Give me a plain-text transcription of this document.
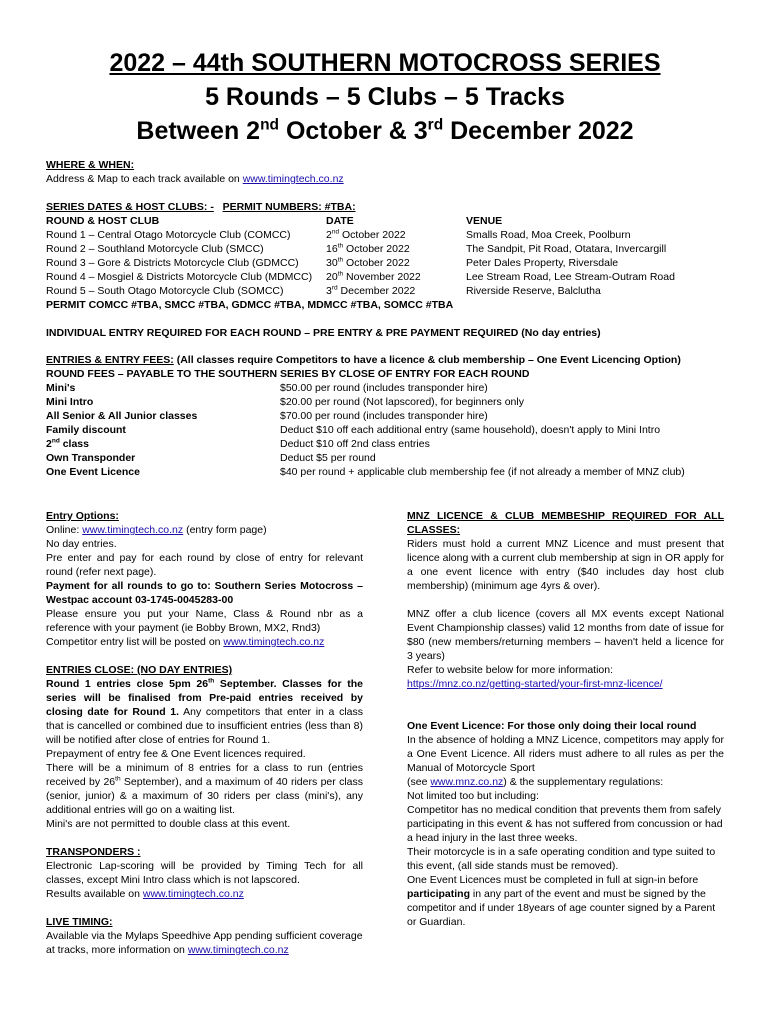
2022 – 44th SOUTHERN MOTOCROSS SERIES
5 Rounds – 5 Clubs – 5 Tracks
Between 2nd October & 3rd December 2022
WHERE & WHEN:
Address & Map to each track available on www.timingtech.co.nz
SERIES DATES & HOST CLUBS: - PERMIT NUMBERS: #TBA:
ROUND & HOST CLUB	DATE	VENUE
Round 1 – Central Otago Motorcycle Club (COMCC)	2nd October 2022	Smalls Road, Moa Creek, Poolburn
Round 2 – Southland Motorcycle Club (SMCC)	16th October 2022	The Sandpit, Pit Road, Otatara, Invercargill
Round 3 – Gore & Districts Motorcycle Club (GDMCC)	30th October 2022	Peter Dales Property, Riversdale
Round 4 – Mosgiel & Districts Motorcycle Club (MDMCC) 20th November 2022	Lee Stream Road, Lee Stream-Outram Road
Round 5 – South Otago Motorcycle Club (SOMCC)	3rd December 2022	Riverside Reserve, Balclutha
PERMIT COMCC #TBA, SMCC #TBA, GDMCC #TBA, MDMCC #TBA, SOMCC #TBA
INDIVIDUAL ENTRY REQUIRED FOR EACH ROUND – PRE ENTRY & PRE PAYMENT REQUIRED (No day entries)
ENTRIES & ENTRY FEES: (All classes require Competitors to have a licence & club membership – One Event Licencing Option)
ROUND FEES – PAYABLE TO THE SOUTHERN SERIES BY CLOSE OF ENTRY FOR EACH ROUND
Mini's	$50.00 per round (includes transponder hire)
Mini Intro	$20.00 per round (Not lapscored), for beginners only
All Senior & All Junior classes	$70.00 per round (includes transponder hire)
Family discount	Deduct $10 off each additional entry (same household), doesn't apply to Mini Intro
2nd class	Deduct $10 off 2nd class entries
Own Transponder	Deduct $5 per round
One Event Licence	$40 per round + applicable club membership fee (if not already a member of MNZ club)

Entry Options:

Online: www.timingtech.co.nz (entry form page)

No day entries.

Pre enter and pay for each round by close of entry for relevant round (refer next page).

Payment for all rounds to go to: Southern Series Motocross – Westpac account 03-1745-0045283-00

Please ensure you put your Name, Class & Round nbr as a reference with your payment (ie Bobby Brown, MX2, Rnd3)

Competitor entry list will be posted on www.timingtech.co.nz

ENTRIES CLOSE: (NO DAY ENTRIES)

Round 1 entries close 5pm 26th September. Classes for the series will be finalised from Pre-paid entries received by closing date for Round 1. Any competitors that enter in a class that is cancelled or combined due to insufficient entries (less than 8) will be notified after close of entries for Round 1.

Prepayment of entry fee & One Event licences required.

There will be a minimum of 8 entries for a class to run (entries received by 26th September), and a maximum of 40 riders per class (senior, junior) & a maximum of 30 riders per class (mini's), any additional entries will go on a waiting list.

Mini's are not permitted to double class at this event.

TRANSPONDERS :

Electronic Lap-scoring will be provided by Timing Tech for all classes, except Mini Intro class which is not lapscored.

Results available on www.timingtech.co.nz

LIVE TIMING:

Available via the Mylaps Speedhive App pending sufficient coverage at tracks, more information on www.timingtech.co.nz

MNZ LICENCE & CLUB MEMBESHIP REQUIRED FOR ALL CLASSES:

Riders must hold a current MNZ Licence and must present that licence along with a current club membership at sign in OR apply for a one event licence with entry ($40 includes day host club membership) (minimum age 4yrs & over).

MNZ offer a club licence (covers all MX events except National Event Championship classes) valid 12 months from date of issue for $80 (new members/returning members – haven't held a licence for 3 years)

Refer to website below for more information:

https://mnz.co.nz/getting-started/your-first-mnz-licence/

One Event Licence: For those only doing their local round

In the absence of holding a MNZ Licence, competitors may apply for a One Event Licence. All riders must adhere to all rules as per the Manual of Motorcycle Sport

(see www.mnz.co.nz) & the supplementary regulations:

Not limited too but including:

Competitor has no medical condition that prevents them from safely participating in this event & has not suffered from concussion or had a head injury in the last three weeks.

Their motorcycle is in a safe operating condition and type suited to this event, (all side stands must be removed).

One Event Licences must be completed in full at sign-in before participating in any part of the event and must be signed by the competitor and if under 18years of age counter signed by a Parent or Guardian.
